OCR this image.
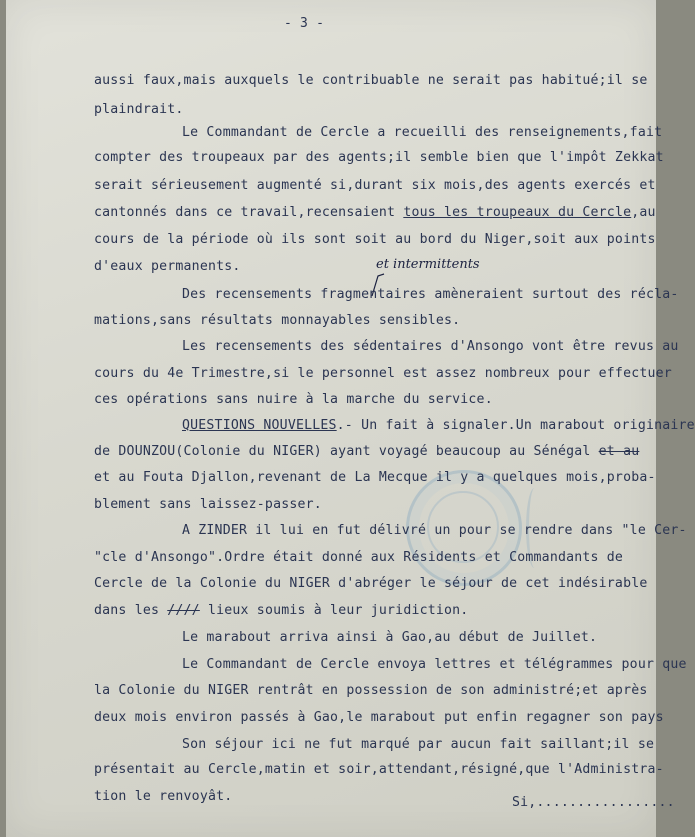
- 3 -
et intermittents
aussi faux,mais auxquels le contribuable ne serait pas habitué;il se
plaindrait.
Le Commandant de Cercle a recueilli des renseignements,fait
compter des troupeaux par des agents;il semble bien que l'impôt Zekkat
serait sérieusement augmenté si,durant six mois,des agents exercés et
cantonnés dans ce travail,recensaient tous les troupeaux du Cercle,au
cours de la période où ils sont soit au bord du Niger,soit aux points
d'eaux permanents.
Des recensements fragmentaires amèneraient surtout des récla-
mations,sans résultats monnayables sensibles.
Les recensements des sédentaires d'Ansongo vont être revus au
cours du 4e Trimestre,si le personnel est assez nombreux pour effectuer
ces opérations sans nuire à la marche du service.
QUESTIONS NOUVELLES.- Un fait à signaler.Un marabout originaire
de DOUNZOU(Colonie du NIGER) ayant voyagé beaucoup au Sénégal et au
et au Fouta Djallon,revenant de La Mecque il y a quelques mois,proba-
blement sans laissez-passer.
A ZINDER il lui en fut délivré un pour se rendre dans "le Cer-
"cle d'Ansongo".Ordre était donné aux Résidents et Commandants de
Cercle de la Colonie du NIGER d'abréger le séjour de cet indésirable
dans les //// lieux soumis à leur juridiction.
Le marabout arriva ainsi à Gao,au début de Juillet.
Le Commandant de Cercle envoya lettres et télégrammes pour que
la Colonie du NIGER rentrât en possession de son administré;et après
deux mois environ passés à Gao,le marabout put enfin regagner son pays
Son séjour ici ne fut marqué par aucun fait saillant;il se
présentait au Cercle,matin et soir,attendant,résigné,que l'Administra-
tion le renvoyât.	Si,.................
